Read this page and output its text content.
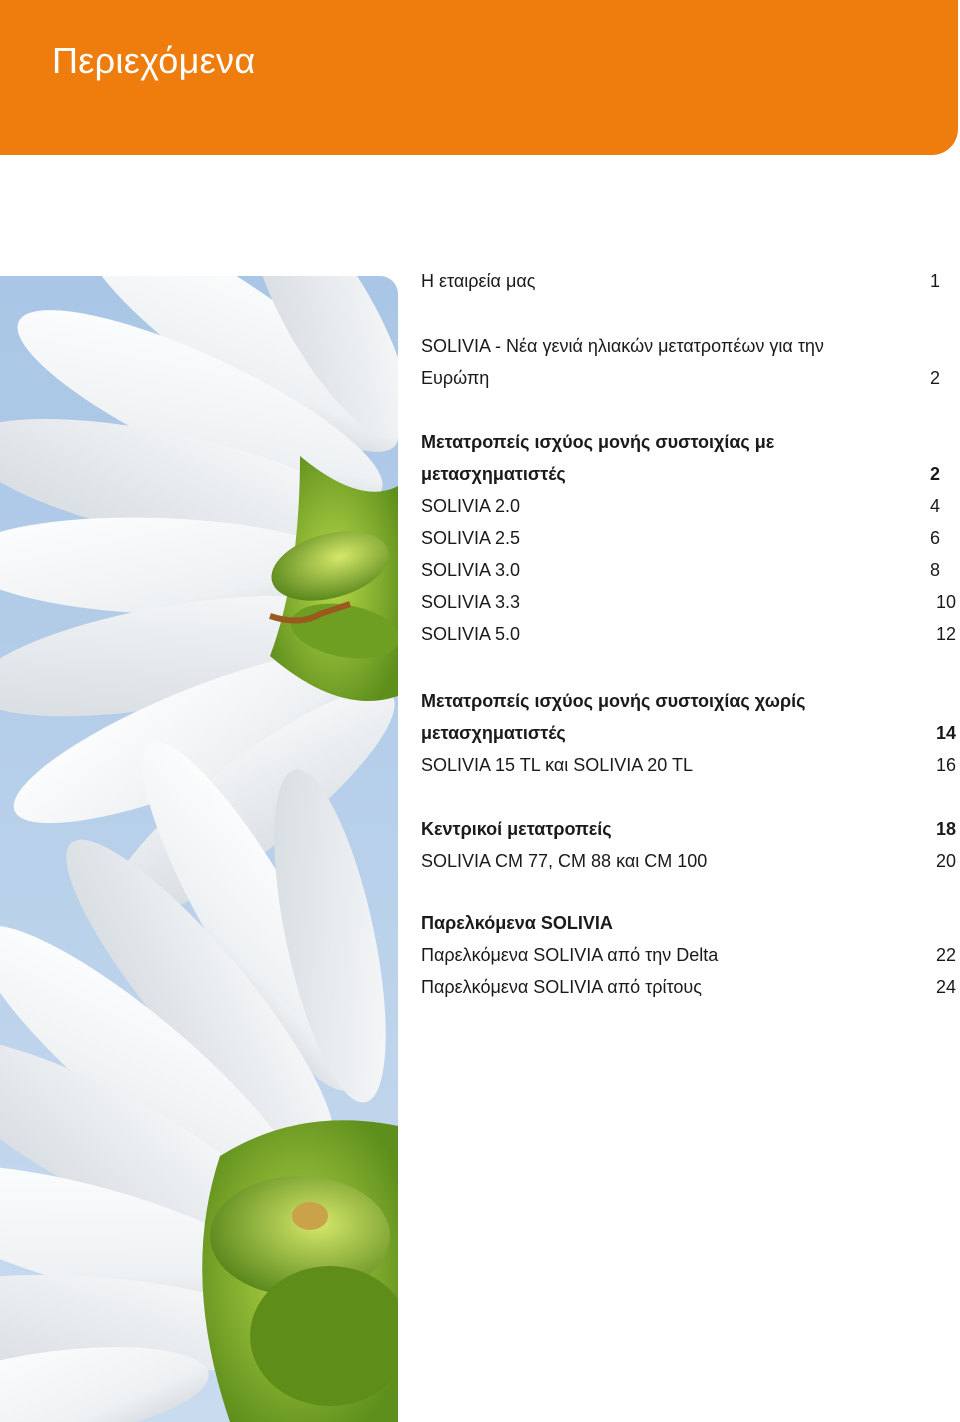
Περιεχόμενα
Η εταιρεία μας	1
SOLIVIA - Νέα γενιά ηλιακών μετατροπέων για την
Ευρώπη	2
Μετατροπείς ισχύος μονής συστοιχίας με
μετασχηματιστές	2
SOLIVIA 2.0	4
SOLIVIA 2.5	6
SOLIVIA 3.0	8
SOLIVIA 3.3	10
SOLIVIA 5.0	12
Μετατροπείς ισχύος μονής συστοιχίας χωρίς
μετασχηματιστές	14
SOLIVIA 15 TL και SOLIVIA 20 TL	16
Κεντρικοί μετατροπείς	18
SOLIVIA CM 77, CM 88 και CM 100	20
Παρελκόμενα SOLIVIA
Παρελκόμενα SOLIVIA από την Delta	22
Παρελκόμενα SOLIVIA από τρίτους	24
